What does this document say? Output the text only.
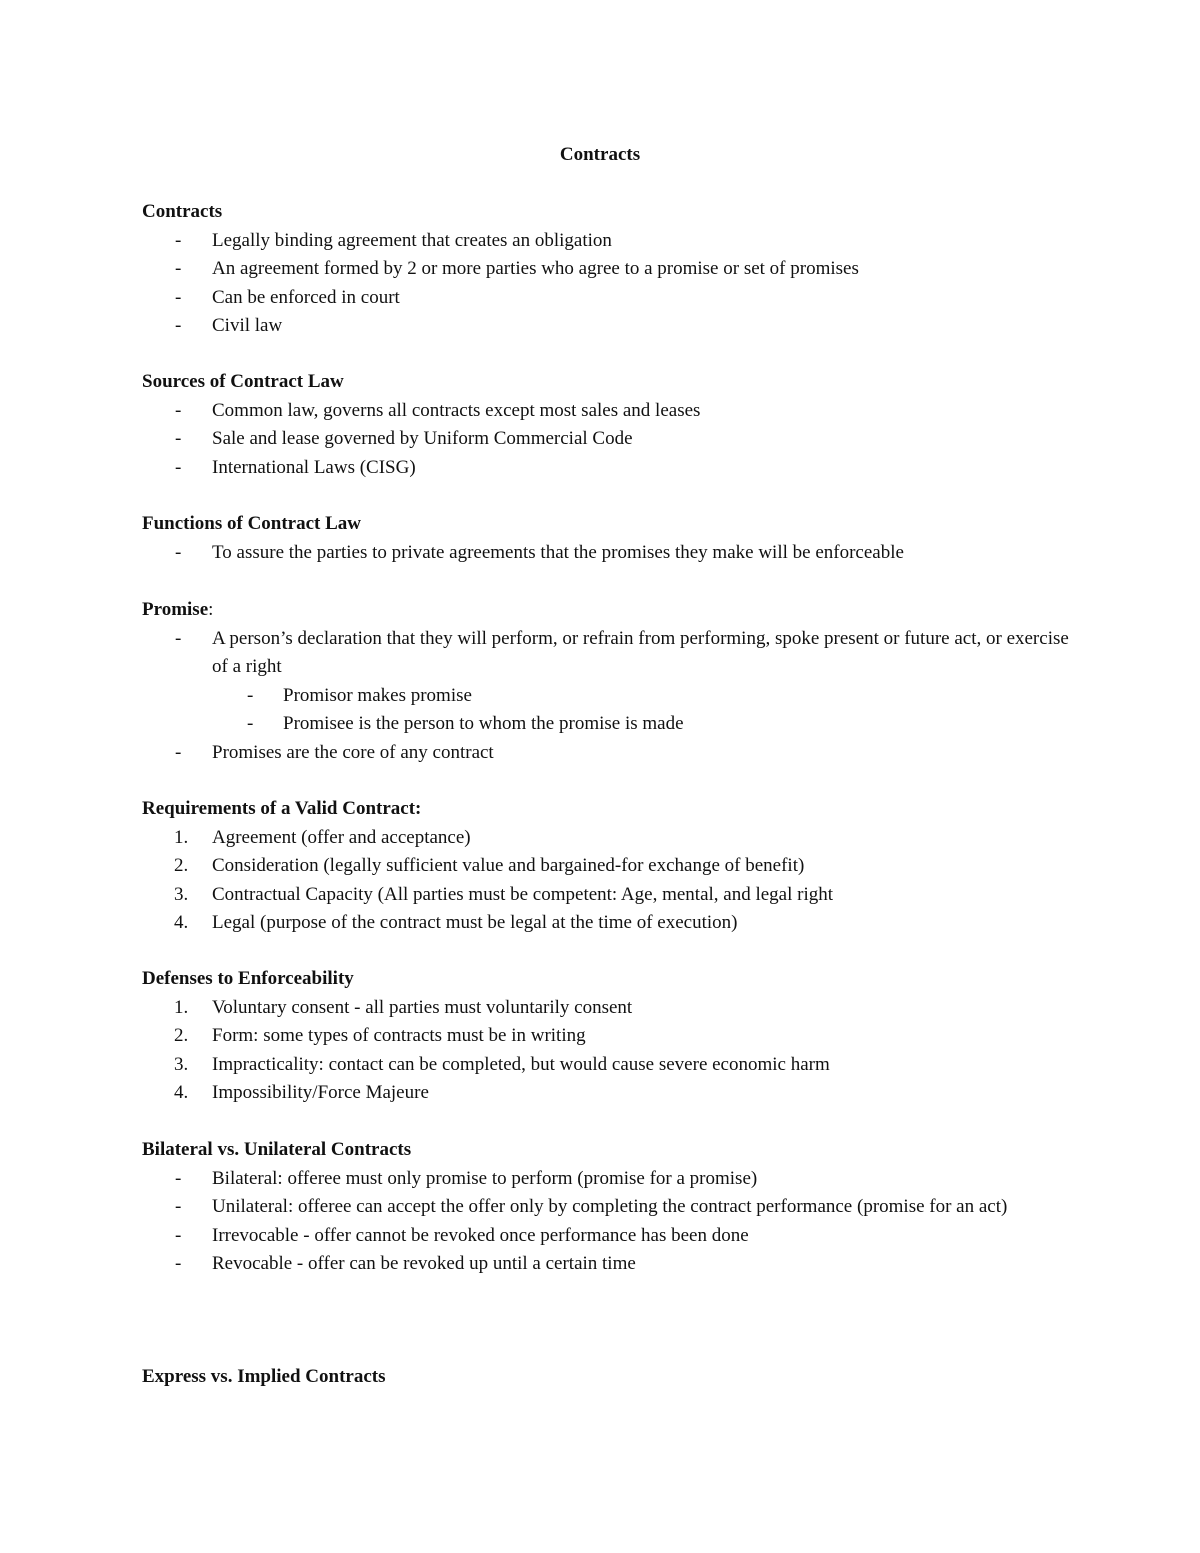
Contracts

Contracts

- Legally binding agreement that creates an obligation

- An agreement formed by 2 or more parties who agree to a promise or set of promises

- Can be enforced in court

- Civil law

Sources of Contract Law

- Common law, governs all contracts except most sales and leases

- Sale and lease governed by Uniform Commercial Code

- International Laws (CISG)

Functions of Contract Law

- To assure the parties to private agreements that the promises they make will be enforceable

Promise:

- A person’s declaration that they will perform, or refrain from performing, spoke present or future act, or exercise of a right

- Promisor makes promise

- Promisee is the person to whom the promise is made

- Promises are the core of any contract

Requirements of a Valid Contract:

1. Agreement (offer and acceptance)

2. Consideration (legally sufficient value and bargained-for exchange of benefit)

3. Contractual Capacity (All parties must be competent: Age, mental, and legal right

4. Legal (purpose of the contract must be legal at the time of execution)

Defenses to Enforceability

1. Voluntary consent - all parties must voluntarily consent

2. Form: some types of contracts must be in writing

3. Impracticality: contact can be completed, but would cause severe economic harm

4. Impossibility/Force Majeure

Bilateral vs. Unilateral Contracts

- Bilateral: offeree must only promise to perform (promise for a promise)

- Unilateral: offeree can accept the offer only by completing the contract performance (promise for an act)

- Irrevocable - offer cannot be revoked once performance has been done

- Revocable - offer can be revoked up until a certain time

Express vs. Implied Contracts
